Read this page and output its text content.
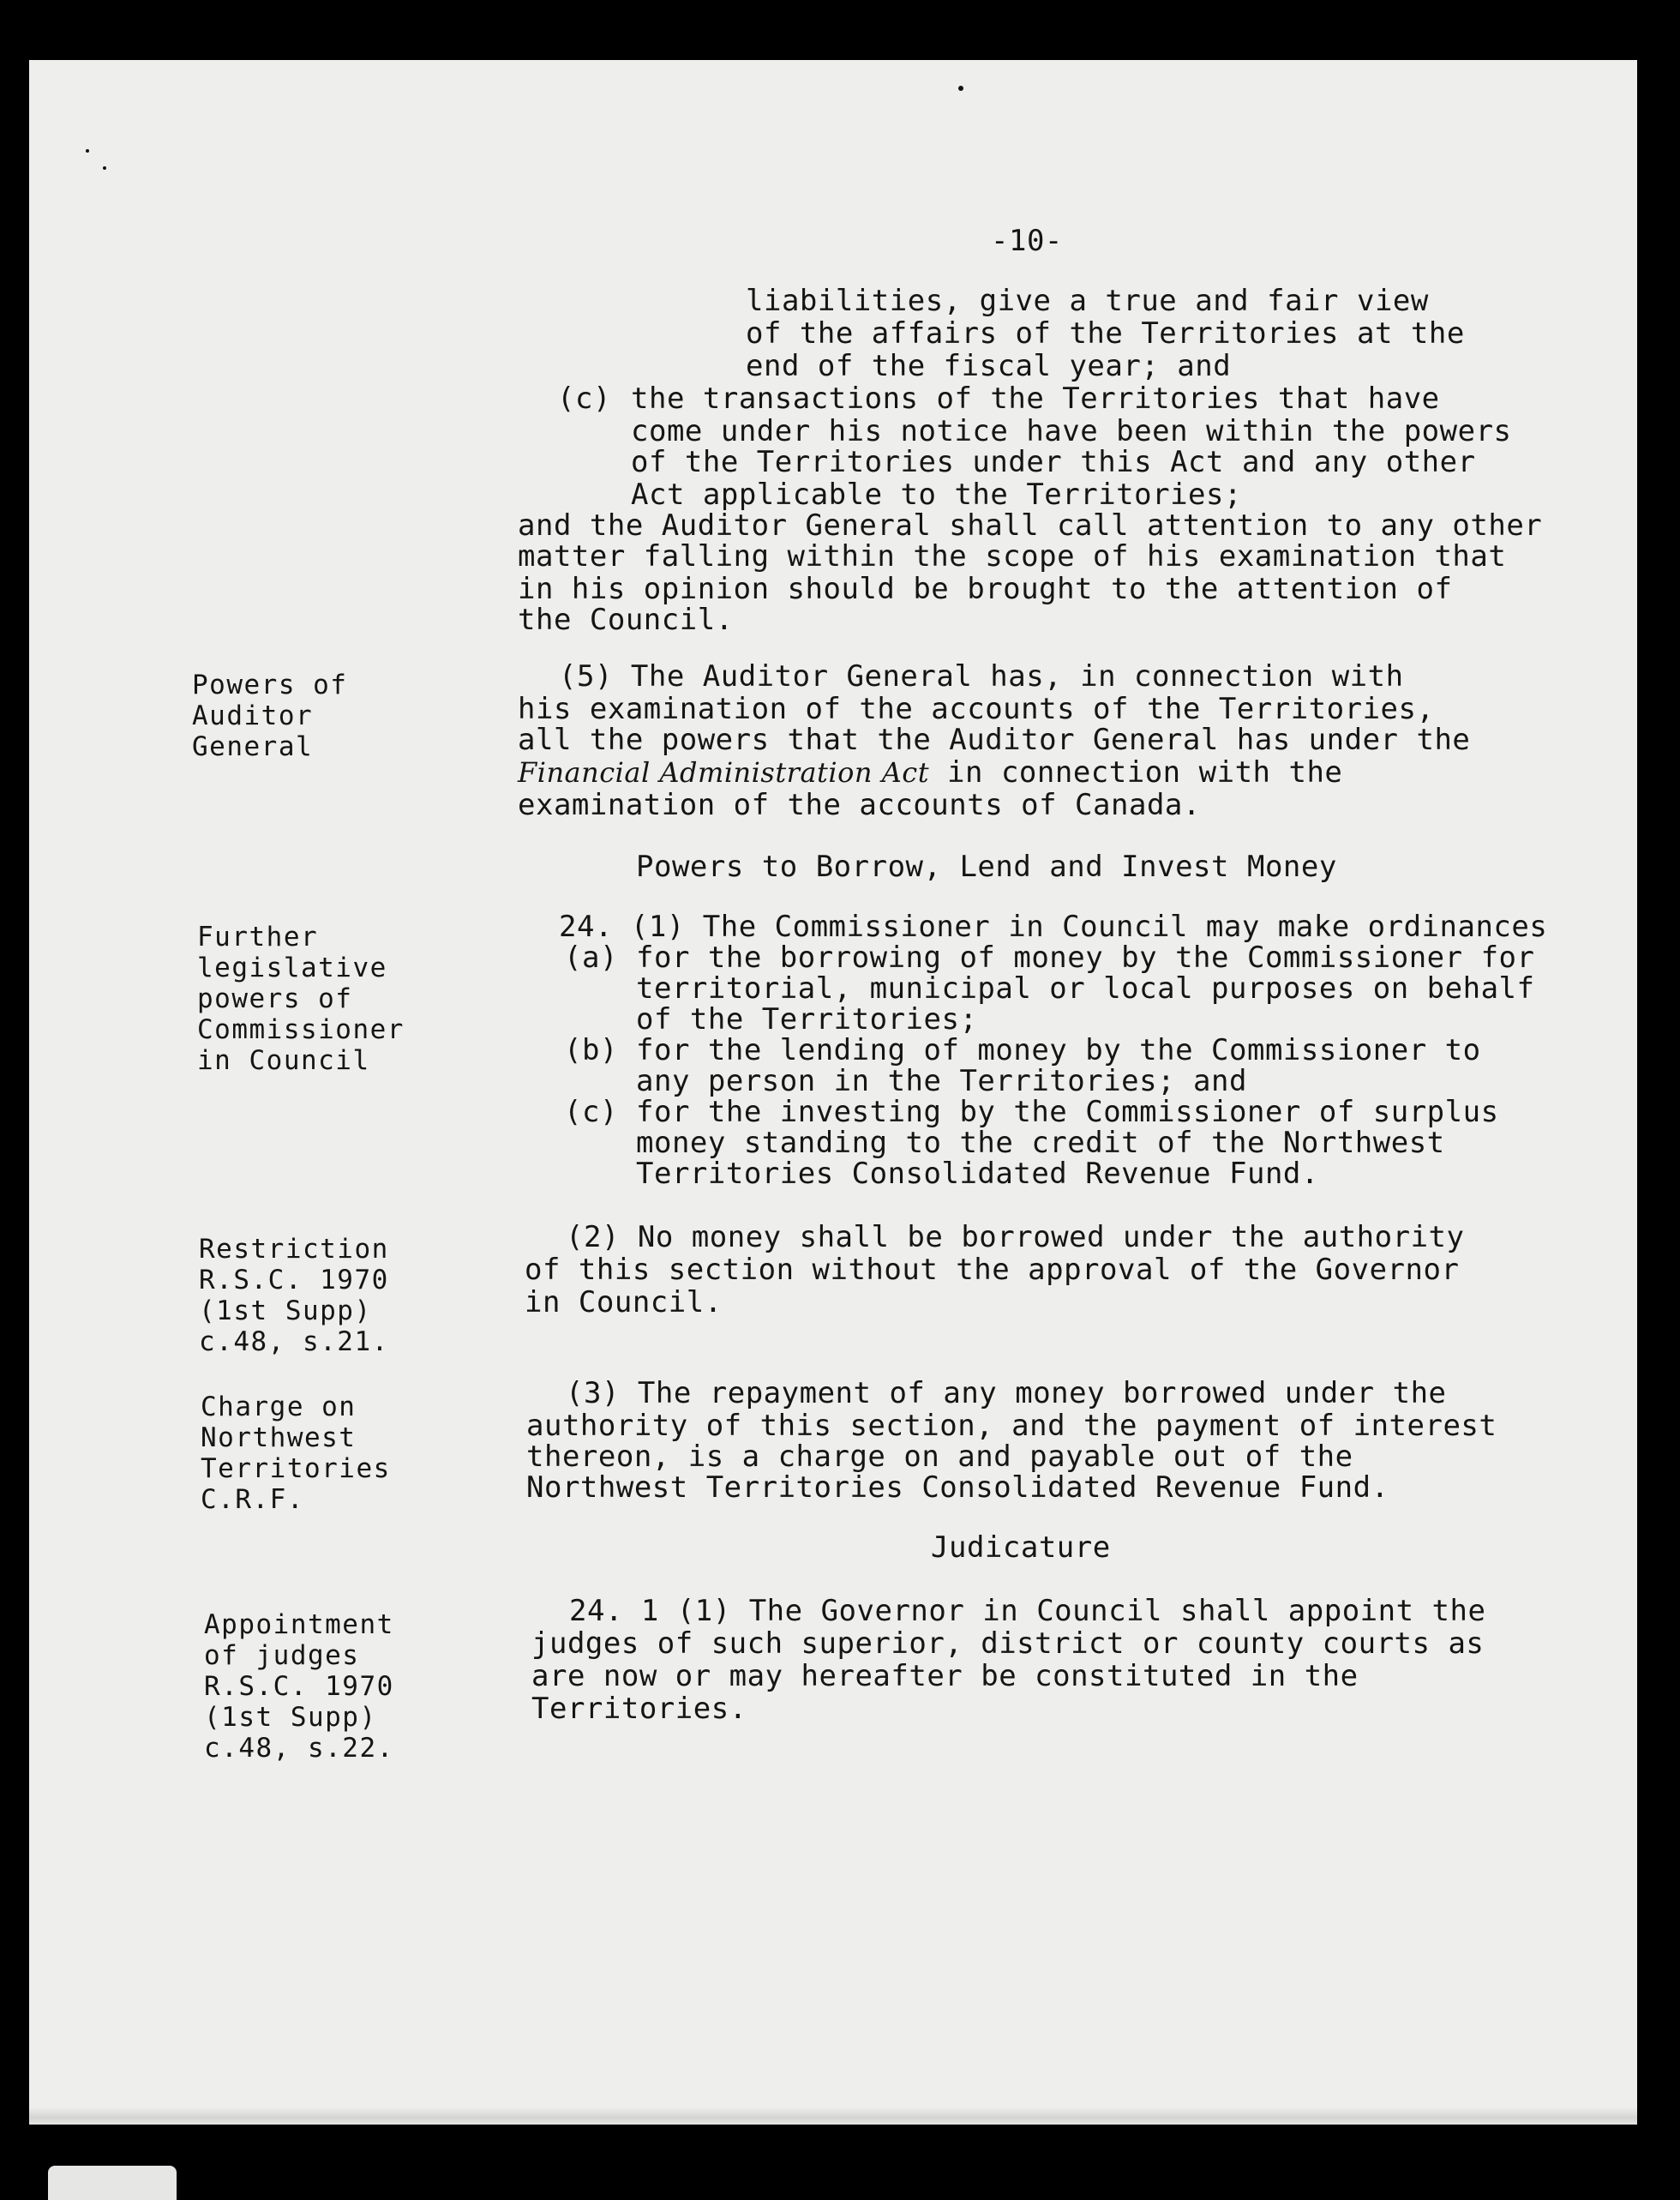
-10-
liabilities, give a true and fair view
of the affairs of the Territories at the
end of the fiscal year; and
(c) the transactions of the Territories that have
come under his notice have been within the powers
of the Territories under this Act and any other
Act applicable to the Territories;
and the Auditor General shall call attention to any other
matter falling within the scope of his examination that
in his opinion should be brought to the attention of
the Council.
(5) The Auditor General has, in connection with
his examination of the accounts of the Territories,
all the powers that the Auditor General has under the
Financial Administration Act in connection with the
examination of the accounts of Canada.
Powers to Borrow, Lend and Invest Money
24. (1) The Commissioner in Council may make ordinances
(a) for the borrowing of money by the Commissioner for
territorial, municipal or local purposes on behalf
of the Territories;
(b) for the lending of money by the Commissioner to
any person in the Territories; and
(c) for the investing by the Commissioner of surplus
money standing to the credit of the Northwest
Territories Consolidated Revenue Fund.
(2) No money shall be borrowed under the authority
of this section without the approval of the Governor
in Council.
(3) The repayment of any money borrowed under the
authority of this section, and the payment of interest
thereon, is a charge on and payable out of the
Northwest Territories Consolidated Revenue Fund.
Judicature
24. 1 (1) The Governor in Council shall appoint the
judges of such superior, district or county courts as
are now or may hereafter be constituted in the
Territories.
Powers of
Auditor
General
Further
legislative
powers of
Commissioner
in Council
Restriction
R.S.C. 1970
(1st Supp)
c.48, s.21.
Charge on
Northwest
Territories
C.R.F.
Appointment
of judges
R.S.C. 1970
(1st Supp)
c.48, s.22.
